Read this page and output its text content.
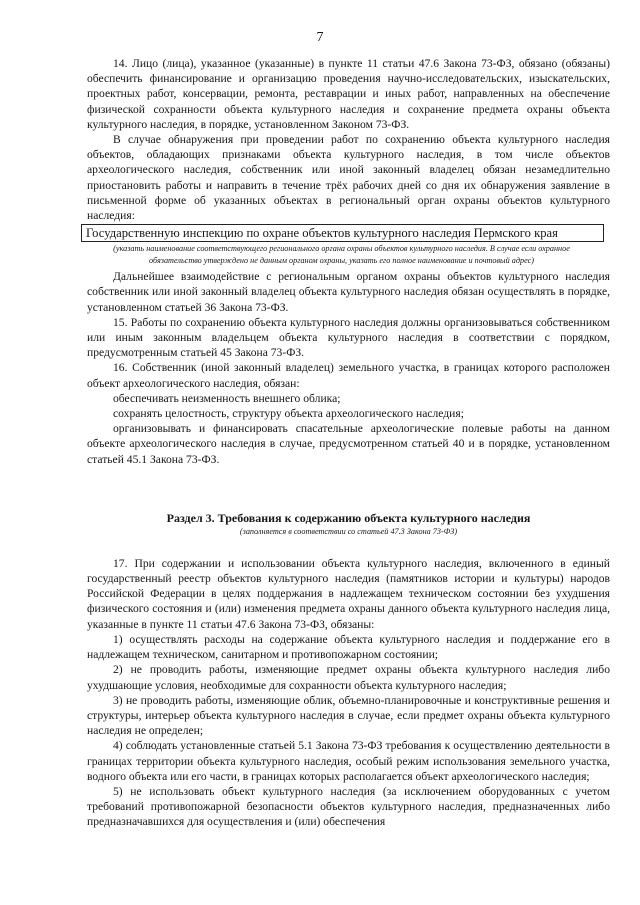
7

14. Лицо (лица), указанное (указанные) в пункте 11 статьи 47.6 Закона 73-ФЗ, обязано (обязаны) обеспечить финансирование и организацию проведения научно-исследовательских, изыскательских, проектных работ, консервации, ремонта, реставрации и иных работ, направленных на обеспечение физической сохранности объекта культурного наследия и сохранение предмета охраны объекта культурного наследия, в порядке, установленном Законом 73-ФЗ.

В случае обнаружения при проведении работ по сохранению объекта культурного наследия объектов, обладающих признаками объекта культурного наследия, в том числе объектов археологического наследия, собственник или иной законный владелец обязан незамедлительно приостановить работы и направить в течение трёх рабочих дней со дня их обнаружения заявление в письменной форме об указанных объектах в региональный орган охраны объектов культурного наследия:

Государственную инспекцию по охране объектов культурного наследия Пермского края
(указать наименование соответствующего регионального органа охраны объектов культурного наследия. В случае если охранное обязательство утверждено не данным органом охраны, указать его полное наименование и почтовый адрес)

Дальнейшее взаимодействие с региональным органом охраны объектов культурного наследия собственник или иной законный владелец объекта культурного наследия обязан осуществлять в порядке, установленном статьей 36 Закона 73-ФЗ.

15. Работы по сохранению объекта культурного наследия должны организовываться собственником или иным законным владельцем объекта культурного наследия в соответствии с порядком, предусмотренным статьей 45 Закона 73-ФЗ.

16. Собственник (иной законный владелец) земельного участка, в границах которого расположен объект археологического наследия, обязан:

обеспечивать неизменность внешнего облика;

сохранять целостность, структуру объекта археологического наследия;

организовывать и финансировать спасательные археологические полевые работы на данном объекте археологического наследия в случае, предусмотренном статьей 40 и в порядке, установленном статьей 45.1 Закона 73-ФЗ.

Раздел 3. Требования к содержанию объекта культурного наследия
(заполняется в соответствии со статьей 47.3 Закона 73-ФЗ)

17. При содержании и использовании объекта культурного наследия, включенного в единый государственный реестр объектов культурного наследия (памятников истории и культуры) народов Российской Федерации в целях поддержания в надлежащем техническом состоянии без ухудшения физического состояния и (или) изменения предмета охраны данного объекта культурного наследия лица, указанные в пункте 11 статьи 47.6 Закона 73-ФЗ, обязаны:

1) осуществлять расходы на содержание объекта культурного наследия и поддержание его в надлежащем техническом, санитарном и противопожарном состоянии;

2) не проводить работы, изменяющие предмет охраны объекта культурного наследия либо ухудшающие условия, необходимые для сохранности объекта культурного наследия;

3) не проводить работы, изменяющие облик, объемно-планировочные и конструктивные решения и структуры, интерьер объекта культурного наследия в случае, если предмет охраны объекта культурного наследия не определен;

4) соблюдать установленные статьей 5.1 Закона 73-ФЗ требования к осуществлению деятельности в границах территории объекта культурного наследия, особый режим использования земельного участка, водного объекта или его части, в границах которых располагается объект археологического наследия;

5) не использовать объект культурного наследия (за исключением оборудованных с учетом требований противопожарной безопасности объектов культурного наследия, предназначенных либо предназначавшихся для осуществления и (или) обеспечения
